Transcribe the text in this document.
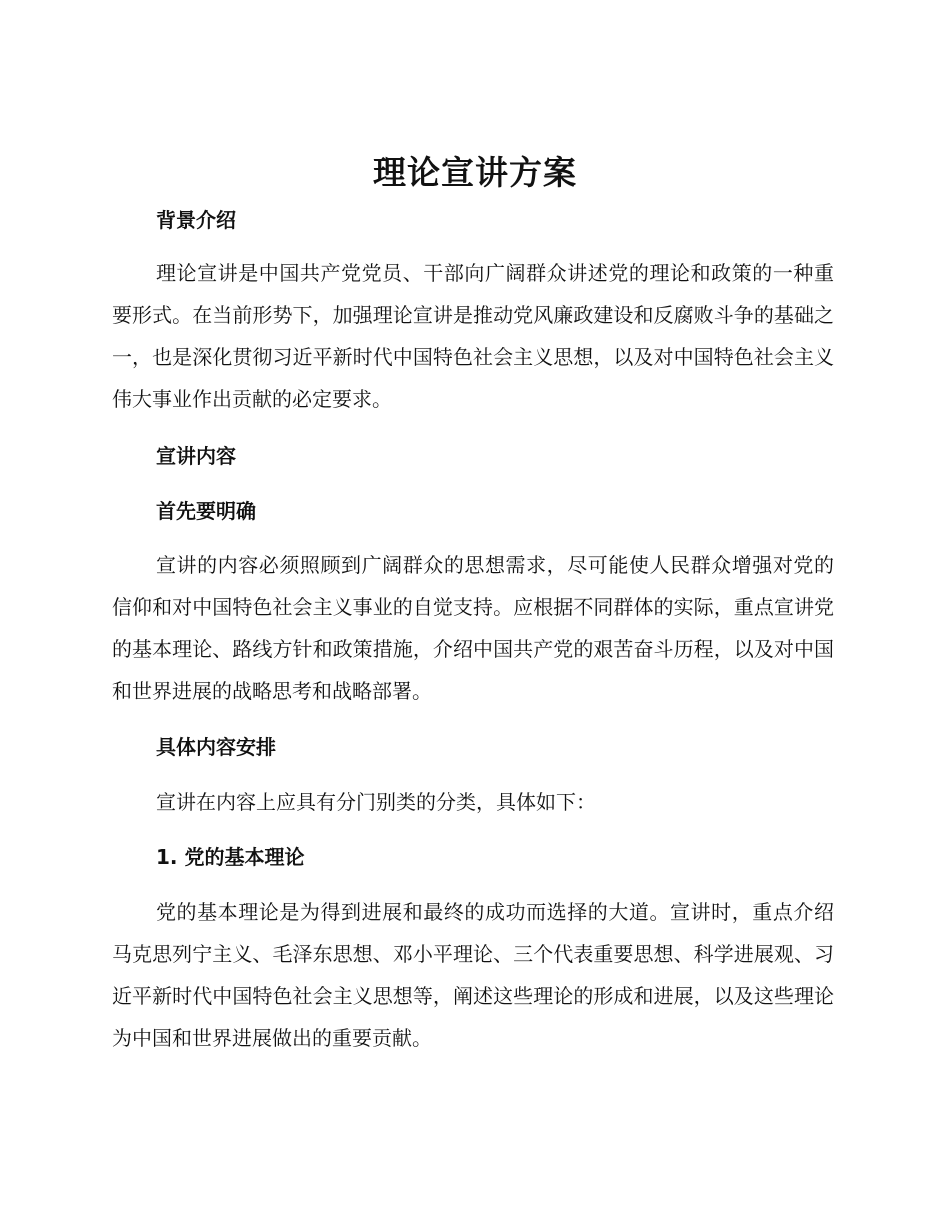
理论宣讲方案
背景介绍

理论宣讲是中国共产党党员、干部向广阔群众讲述党的理论和政策的一种重要形式。在当前形势下，加强理论宣讲是推动党风廉政建设和反腐败斗争的基础之一，也是深化贯彻习近平新时代中国特色社会主义思想，以及对中国特色社会主义伟大事业作出贡献的必定要求。

宣讲内容
首先要明确

宣讲的内容必须照顾到广阔群众的思想需求，尽可能使人民群众增强对党的信仰和对中国特色社会主义事业的自觉支持。应根据不同群体的实际，重点宣讲党的基本理论、路线方针和政策措施，介绍中国共产党的艰苦奋斗历程，以及对中国和世界进展的战略思考和战略部署。

具体内容安排

宣讲在内容上应具有分门别类的分类，具体如下：

1. 党的基本理论

党的基本理论是为得到进展和最终的成功而选择的大道。宣讲时，重点介绍马克思列宁主义、毛泽东思想、邓小平理论、三个代表重要思想、科学进展观、习近平新时代中国特色社会主义思想等，阐述这些理论的形成和进展，以及这些理论为中国和世界进展做出的重要贡献。
